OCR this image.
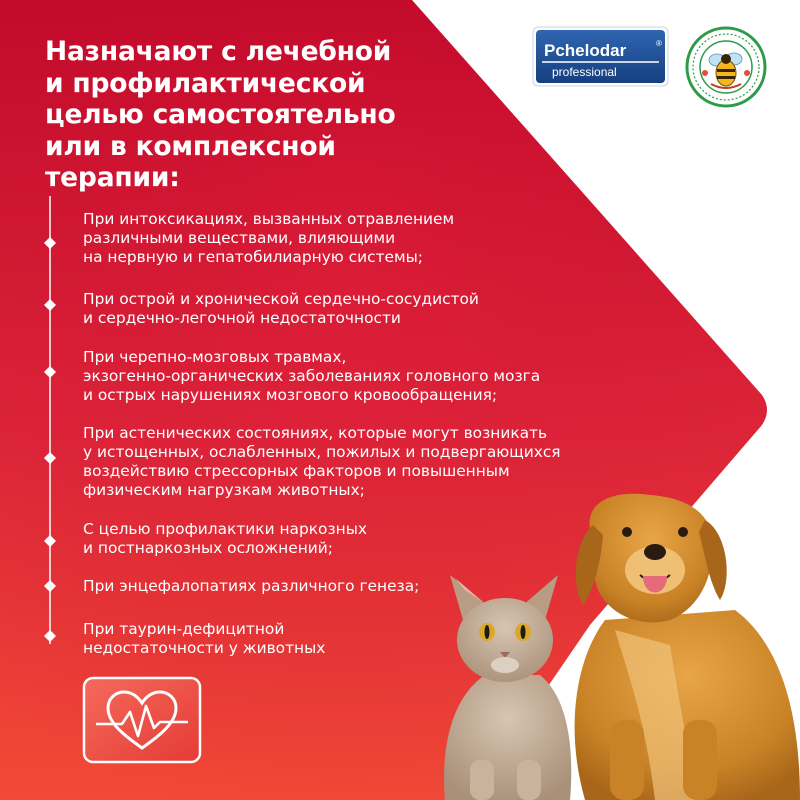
Назначают с лечебной
и профилактической
целью самостоятельно
или в комплексной
терапии:
Pchelodar	®
professional

При интоксикациях, вызванных отравлением
различными веществами, влияющими
на нервную и гепатобилиарную системы;

При острой и хронической сердечно-сосудистой
и сердечно-легочной недостаточности

При черепно-мозговых травмах,
экзогенно-органических заболеваниях головного мозга
и острых нарушениях мозгового кровообращения;

При астенических состояниях, которые могут возникать
у истощенных, ослабленных, пожилых и подвергающихся
воздействию стрессорных факторов и повышенным
физическим нагрузкам животных;

С целью профилактики наркозных
и постнаркозных осложнений;

При энцефалопатиях различного генеза;

При таурин-дефицитной
недостаточности у животных
